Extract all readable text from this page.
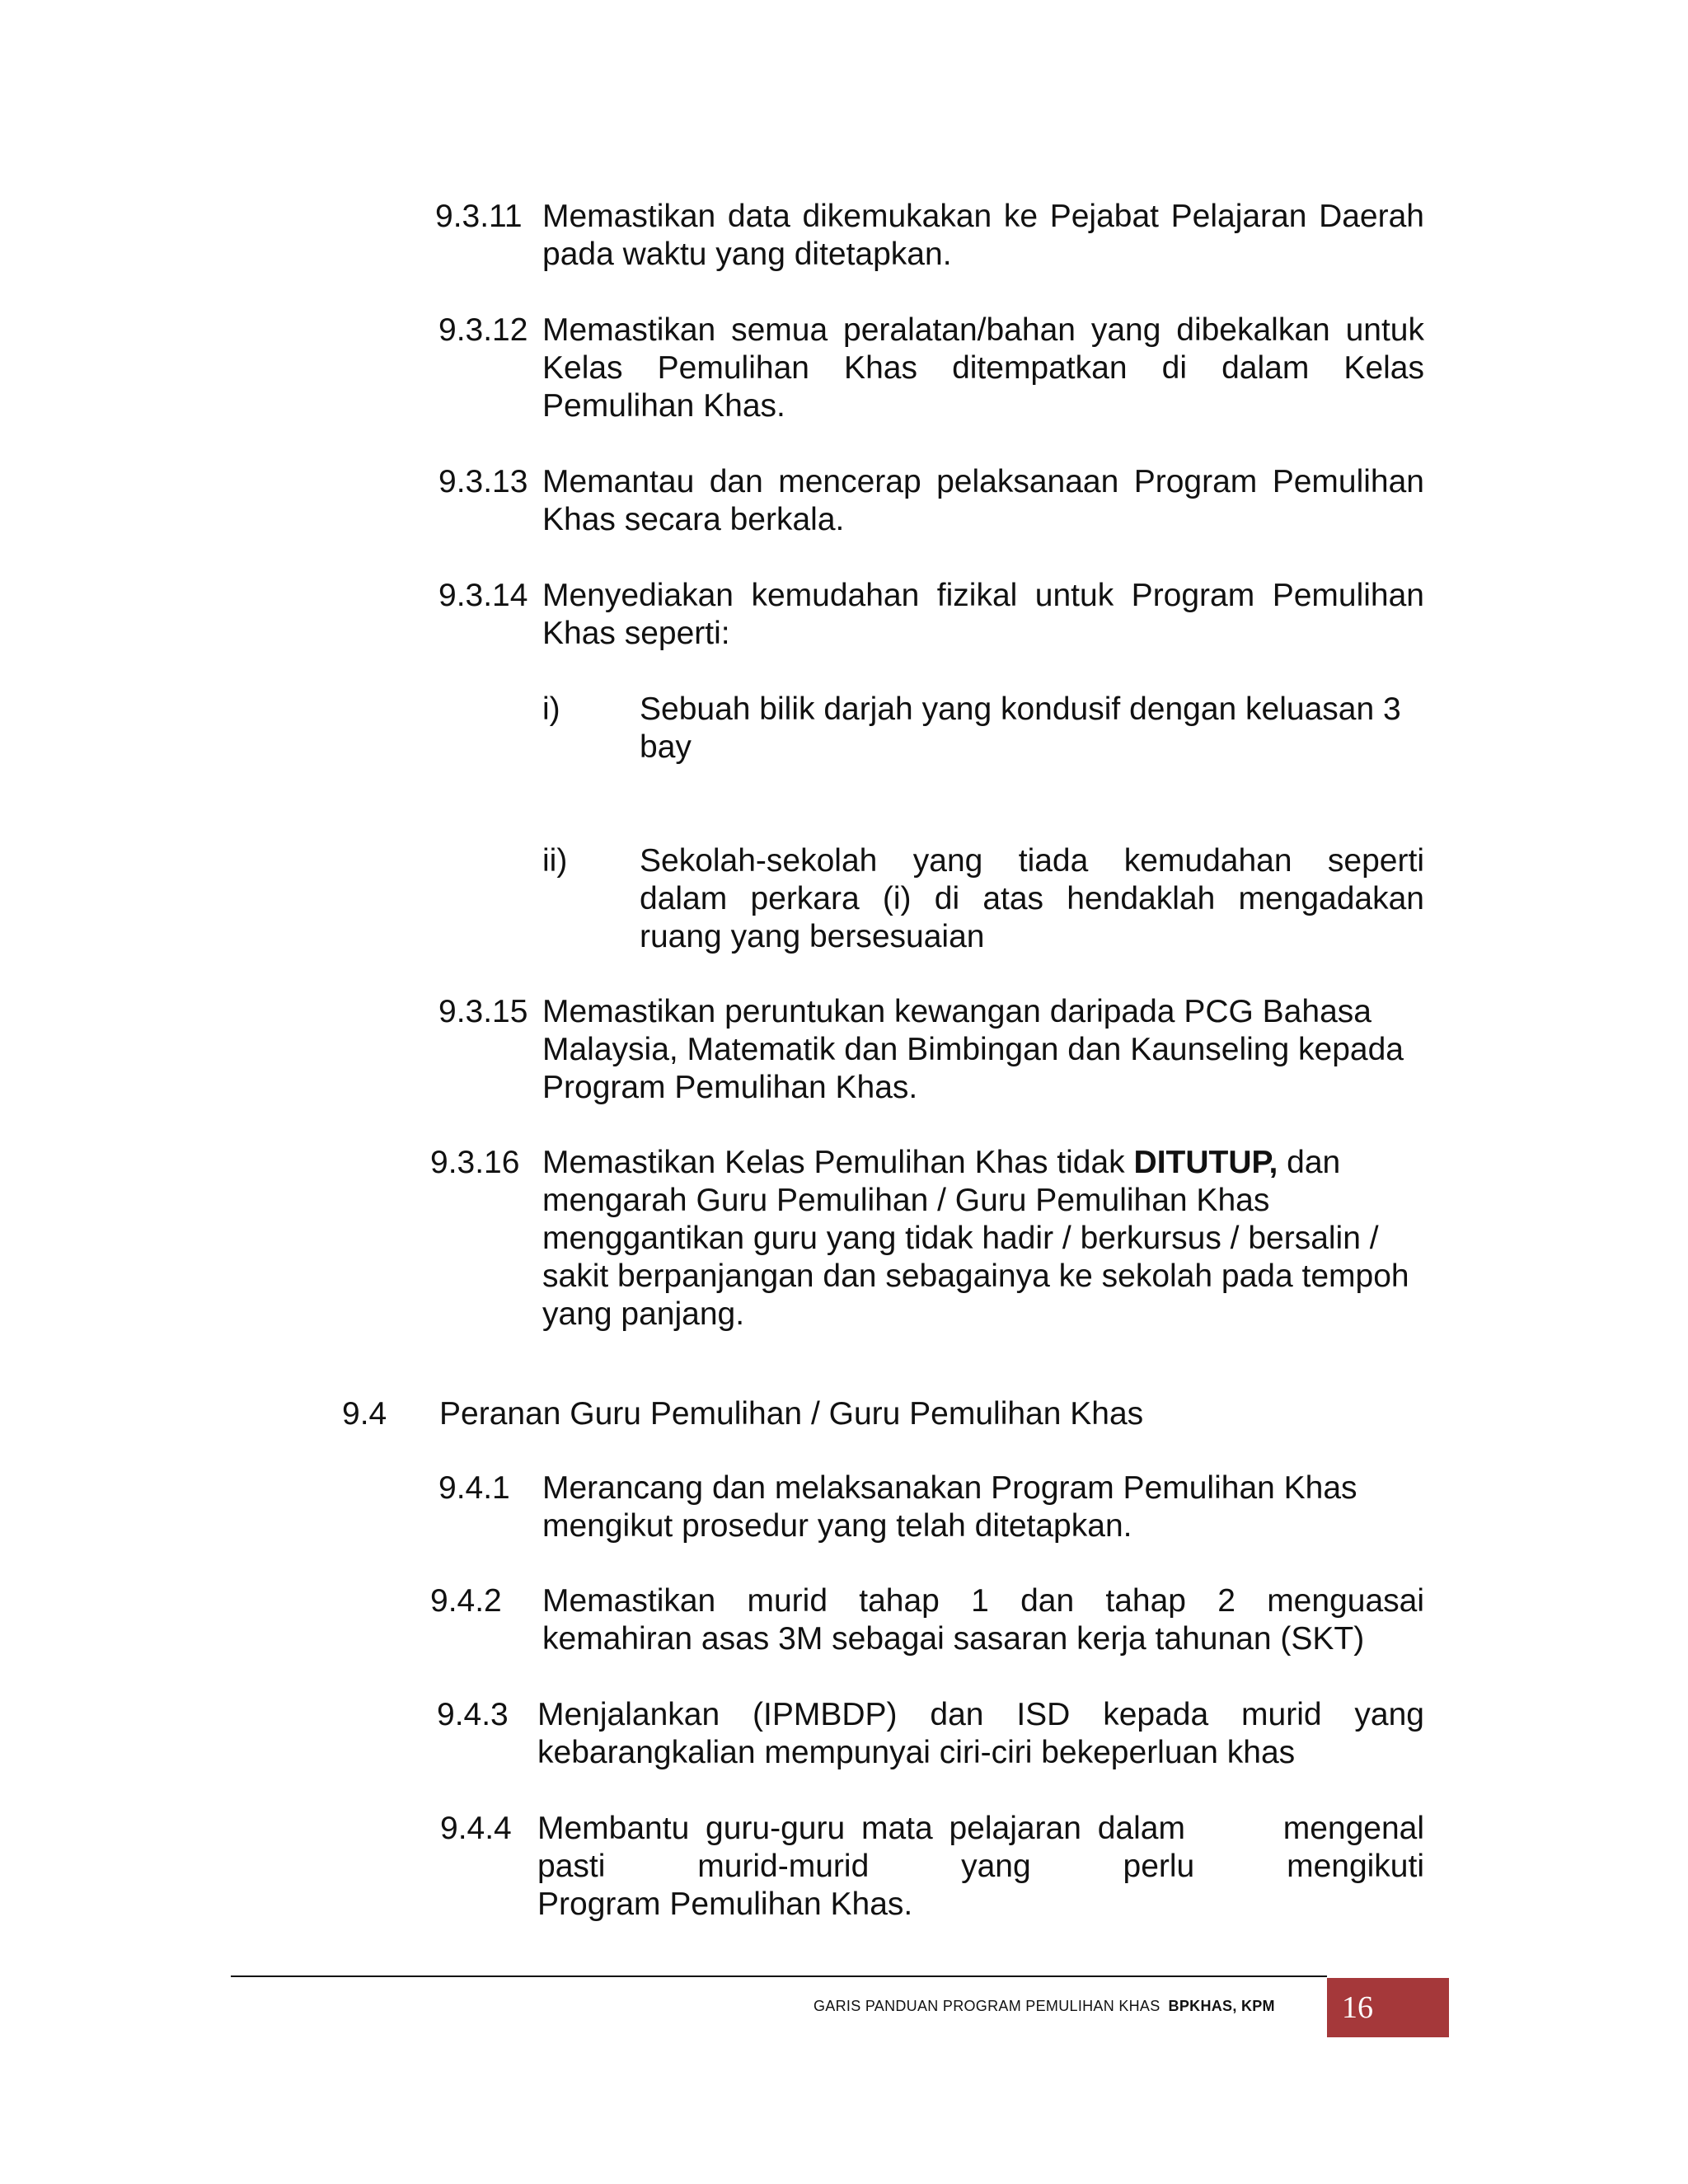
9.3.11 Memastikan data dikemukakan ke Pejabat Pelajaran Daerah
pada waktu yang ditetapkan.
9.3.12 Memastikan semua peralatan/bahan yang dibekalkan untuk
Kelas Pemulihan Khas ditempatkan di dalam Kelas
Pemulihan Khas.
9.3.13 Memantau dan mencerap pelaksanaan Program Pemulihan
Khas secara berkala.
9.3.14 Menyediakan kemudahan fizikal untuk Program Pemulihan
Khas seperti:
i) Sebuah bilik darjah yang kondusif dengan keluasan 3
bay
ii) Sekolah-sekolah yang tiada kemudahan seperti
dalam perkara (i) di atas hendaklah mengadakan
ruang yang bersesuaian
9.3.15 Memastikan peruntukan kewangan daripada PCG Bahasa
Malaysia, Matematik dan Bimbingan dan Kaunseling kepada
Program Pemulihan Khas.
9.3.16 Memastikan Kelas Pemulihan Khas tidak DITUTUP, dan
mengarah Guru Pemulihan / Guru Pemulihan Khas
menggantikan guru yang tidak hadir / berkursus / bersalin /
sakit berpanjangan dan sebagainya ke sekolah pada tempoh
yang panjang.
9.4 Peranan Guru Pemulihan / Guru Pemulihan Khas
9.4.1 Merancang dan melaksanakan Program Pemulihan Khas
mengikut prosedur yang telah ditetapkan.
9.4.2 Memastikan murid tahap 1 dan tahap 2 menguasai
kemahiran asas 3M sebagai sasaran kerja tahunan (SKT)
9.4.3 Menjalankan (IPMBDP) dan ISD kepada murid yang
kebarangkalian mempunyai ciri-ciri bekeperluan khas
9.4.4 Membantu guru-guru mata pelajaran dalam      mengenal
pasti murid-murid yang perlu mengikuti
Program Pemulihan Khas.
GARIS PANDUAN PROGRAM PEMULIHAN KHAS BPKHAS, KPM	16
